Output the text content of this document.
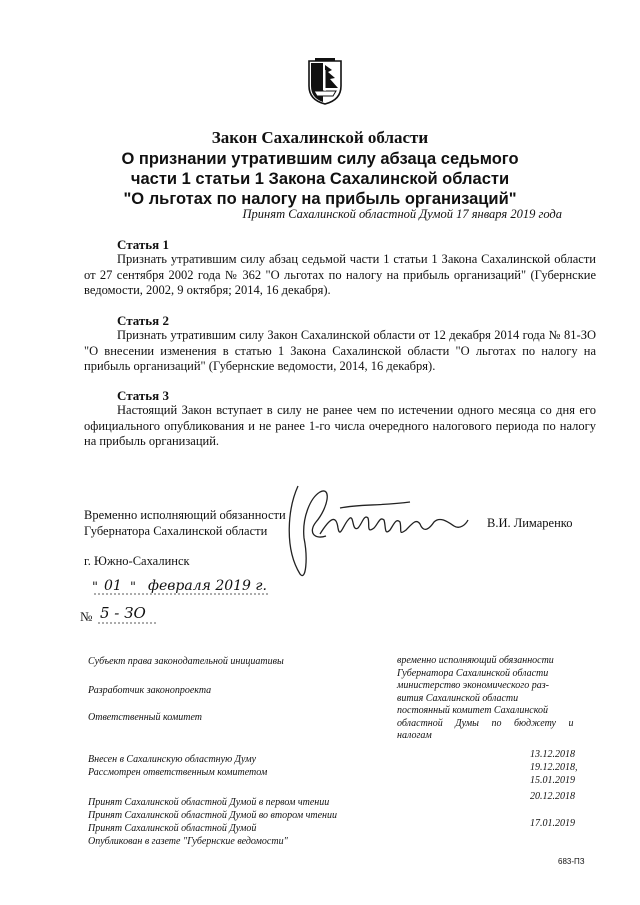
Закон Сахалинской области
О признании утратившим силу абзаца седьмого
части 1 статьи 1 Закона Сахалинской области
"О льготах по налогу на прибыль организаций"
Принят Сахалинской областной Думой 17 января 2019 года
Статья 1
Признать утратившим силу абзац седьмой части 1 статьи 1 Закона Сахалинской области от 27 сентября 2002 года № 362 "О льготах по налогу на прибыль организаций" (Губернские ведомости, 2002, 9 октября; 2014, 16 декабря).
Статья 2
Признать утратившим силу Закон Сахалинской области от 12 декабря 2014 года № 81-ЗО "О внесении изменения в статью 1 Закона Сахалинской области "О льготах по налогу на прибыль организаций" (Губернские ведомости, 2014, 16 декабря).
Статья 3
Настоящий Закон вступает в силу не ранее чем по истечении одного месяца со дня его официального опубликования и не ранее 1-го числа очередного налогового периода по налогу на прибыль организаций.
Временно исполняющий обязанности
Губернатора Сахалинской области
В.И. Лимаренко
г. Южно-Сахалинск
" 01 " февраля 2019 г.
№ 5 - ЗО
Субъект права законодательной инициативы
Разработчик законопроекта
Ответственный комитет
временно исполняющий обязанности
Губернатора Сахалинской области
министерство экономического раз-
вития Сахалинской области
постоянный комитет Сахалинской
областной Думы по бюджету и
налогам
Внесен в Сахалинскую областную Думу
Рассмотрен ответственным комитетом
Принят Сахалинской областной Думой в первом чтении
Принят Сахалинской областной Думой во втором чтении
Принят Сахалинской областной Думой
Опубликован в газете "Губернские ведомости"
13.12.2018
19.12.2018,
15.01.2019
20.12.2018
17.01.2019
683-ПЗ
